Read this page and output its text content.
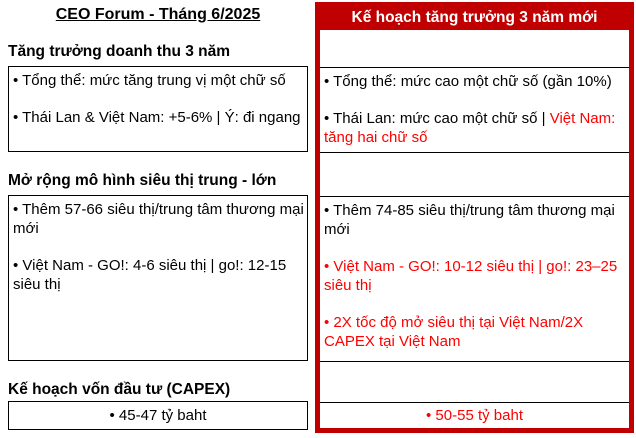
CEO Forum - Tháng 6/2025
Tăng trưởng doanh thu 3 năm

• Tổng thể: mức tăng trung vị một chữ số

• Thái Lan & Việt Nam: +5-6% | Ý: đi ngang

Mở rộng mô hình siêu thị trung - lớn

• Thêm 57-66 siêu thị/trung tâm thương mại mới

• Việt Nam - GO!: 4-6 siêu thị | go!: 12-15 siêu thị

Kế hoạch vốn đầu tư (CAPEX)
• 45-47 tỷ baht
Kế hoạch tăng trưởng 3 năm mới

• Tổng thể: mức cao một chữ số (gần 10%)

• Thái Lan: mức cao một chữ số | Việt Nam: tăng hai chữ số

• Thêm 74-85 siêu thị/trung tâm thương mại mới

• Việt Nam - GO!: 10-12 siêu thị | go!: 23–25 siêu thị

• 2X tốc độ mở siêu thị tại Việt Nam/2X CAPEX tại Việt Nam

• 50-55 tỷ baht
